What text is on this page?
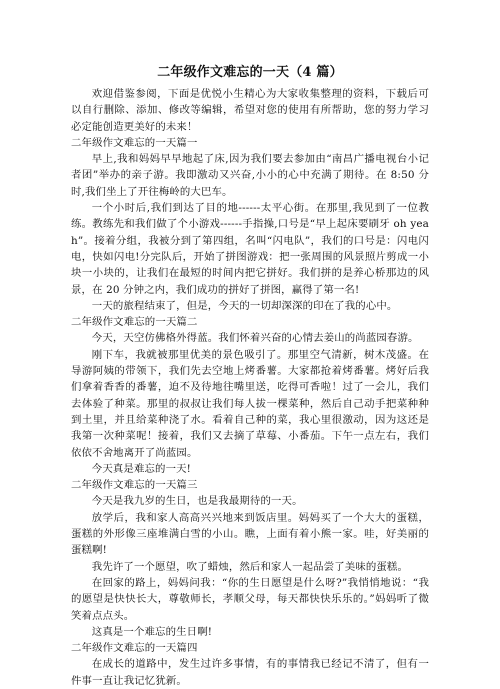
二年级作文难忘的一天（4 篇）

欢迎借鉴参阅，下面是优悦小生精心为大家收集整理的资料，下载后可以自行删除、添加、修改等编辑，希望对您的使用有所帮助，您的努力学习必定能创造更美好的未来！

二年级作文难忘的一天篇一

早上,我和妈妈早早地起了床,因为我们要去参加由“南昌广播电视台小记者团”举办的亲子游。我即激动又兴奋,小小的心中充满了期待。在 8:50 分时,我们坐上了开往梅岭的大巴车。

一个小时后,我们到达了目的地------太平心街。在那里,我见到了一位教练。教练先和我们做了个小游戏------手指操,口号是“早上起床要刷牙 oh yeah”。接着分组，我被分到了第四组，名叫“闪电队”，我们的口号是：闪电闪电，快如闪电!分完队后，开始了拼图游戏：把一张周围的风景照片剪成一小块一小块的，让我们在最短的时间内把它拼好。我们拼的是养心桥那边的风景，在 20 分钟之内，我们成功的拼好了拼图，赢得了第一名!

一天的旅程结束了，但是，今天的一切却深深的印在了我的心中。

二年级作文难忘的一天篇二

今天，天空仿佛格外得蓝。我们怀着兴奋的心情去姜山的尚蓝园春游。

刚下车，我就被那里优美的景色吸引了。那里空气清新，树木茂盛。在导游阿姨的带领下，我们先去空地上烤番薯。大家都抢着烤番薯。烤好后我们拿着香香的番薯，迫不及待地往嘴里送，吃得可香啦！过了一会儿，我们去体验了种菜。那里的叔叔让我们每人拔一棵菜种，然后自己动手把菜种种到土里，并且给菜种浇了水。看着自己种的菜，我心里很激动，因为这还是我第一次种菜呢！接着，我们又去摘了草莓、小番茄。下午一点左右，我们依依不舍地离开了尚蓝园。

今天真是难忘的一天!

二年级作文难忘的一天篇三

今天是我九岁的生日，也是我最期待的一天。

放学后，我和家人高高兴兴地来到饭店里。妈妈买了一个大大的蛋糕，蛋糕的外形像三座堆满白雪的小山。瞧，上面有着小熊一家。哇，好美丽的蛋糕啊!

我先许了一个愿望，吹了蜡烛，然后和家人一起品尝了美味的蛋糕。

在回家的路上，妈妈问我：“你的生日愿望是什么呀?”我悄悄地说：“我的愿望是快快长大，尊敬师长，孝顺父母，每天都快快乐乐的。”妈妈听了微笑着点点头。

这真是一个难忘的生日啊!

二年级作文难忘的一天篇四

在成长的道路中，发生过许多事情，有的事情我已经记不清了，但有一件事一直让我记忆犹新。
